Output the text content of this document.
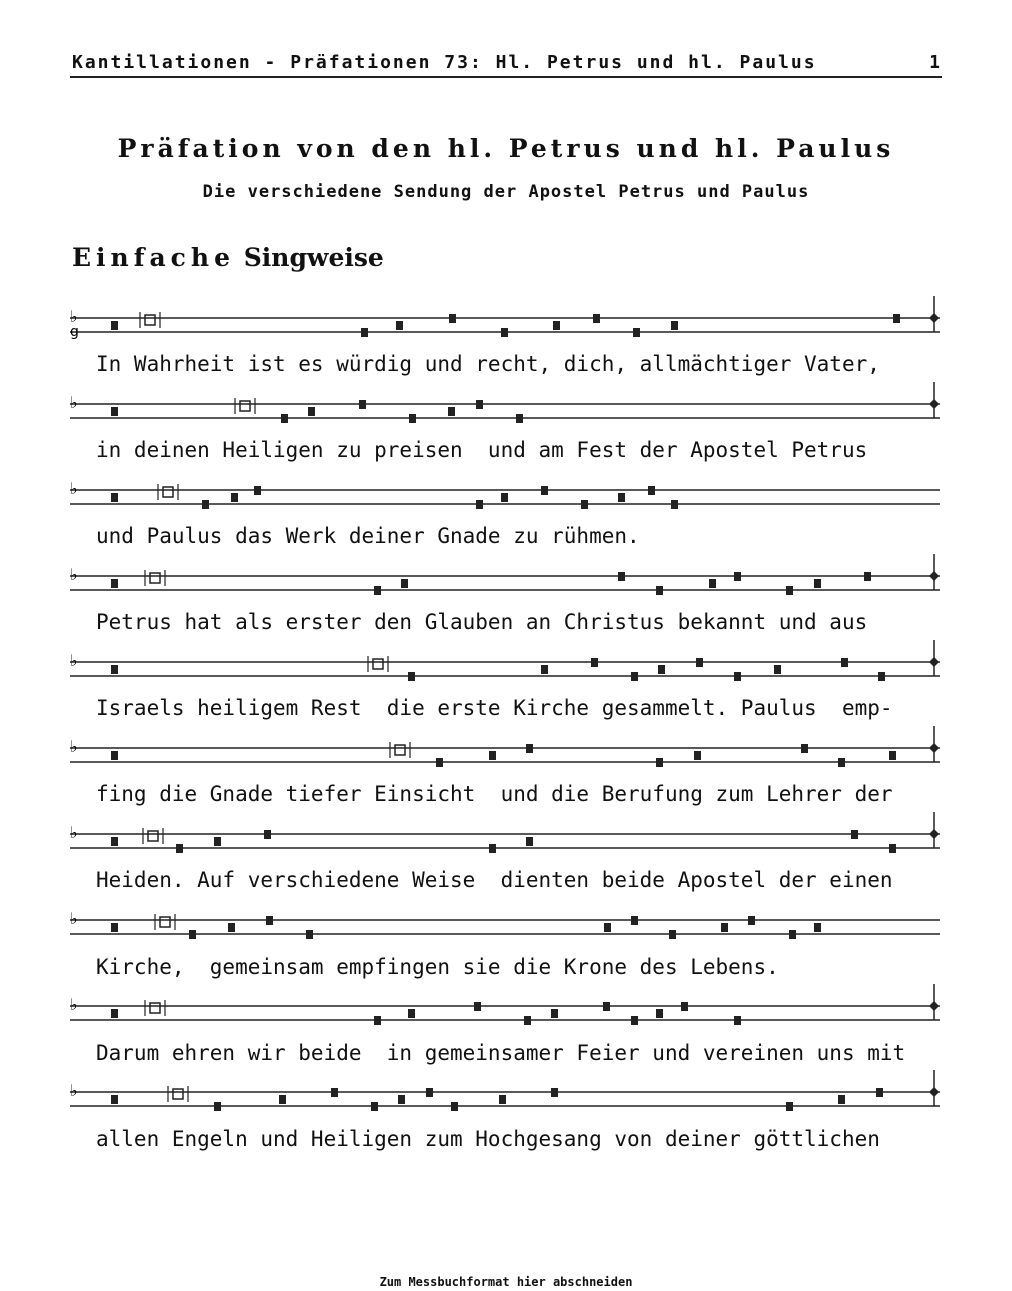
Kantillationen - Präfationen 73: Hl. Petrus und hl. Paulus	1
Präfation von den hl. Petrus und hl. Paulus
Die verschiedene Sendung der Apostel Petrus und Paulus
Einfache Singweise
♭
g
♭
♭
♭
♭
♭
♭
♭
♭
♭
In Wahrheit ist es würdig und recht, dich, allmächtiger Vater,
in deinen Heiligen zu preisen  und am Fest der Apostel Petrus
und Paulus das Werk deiner Gnade zu rühmen.
Petrus hat als erster den Glauben an Christus bekannt und aus
Israels heiligem Rest  die erste Kirche gesammelt. Paulus  emp-
fing die Gnade tiefer Einsicht  und die Berufung zum Lehrer der
Heiden. Auf verschiedene Weise  dienten beide Apostel der einen
Kirche,  gemeinsam empfingen sie die Krone des Lebens.
Darum ehren wir beide  in gemeinsamer Feier und vereinen uns mit
allen Engeln und Heiligen zum Hochgesang von deiner göttlichen
Zum Messbuchformat hier abschneiden
